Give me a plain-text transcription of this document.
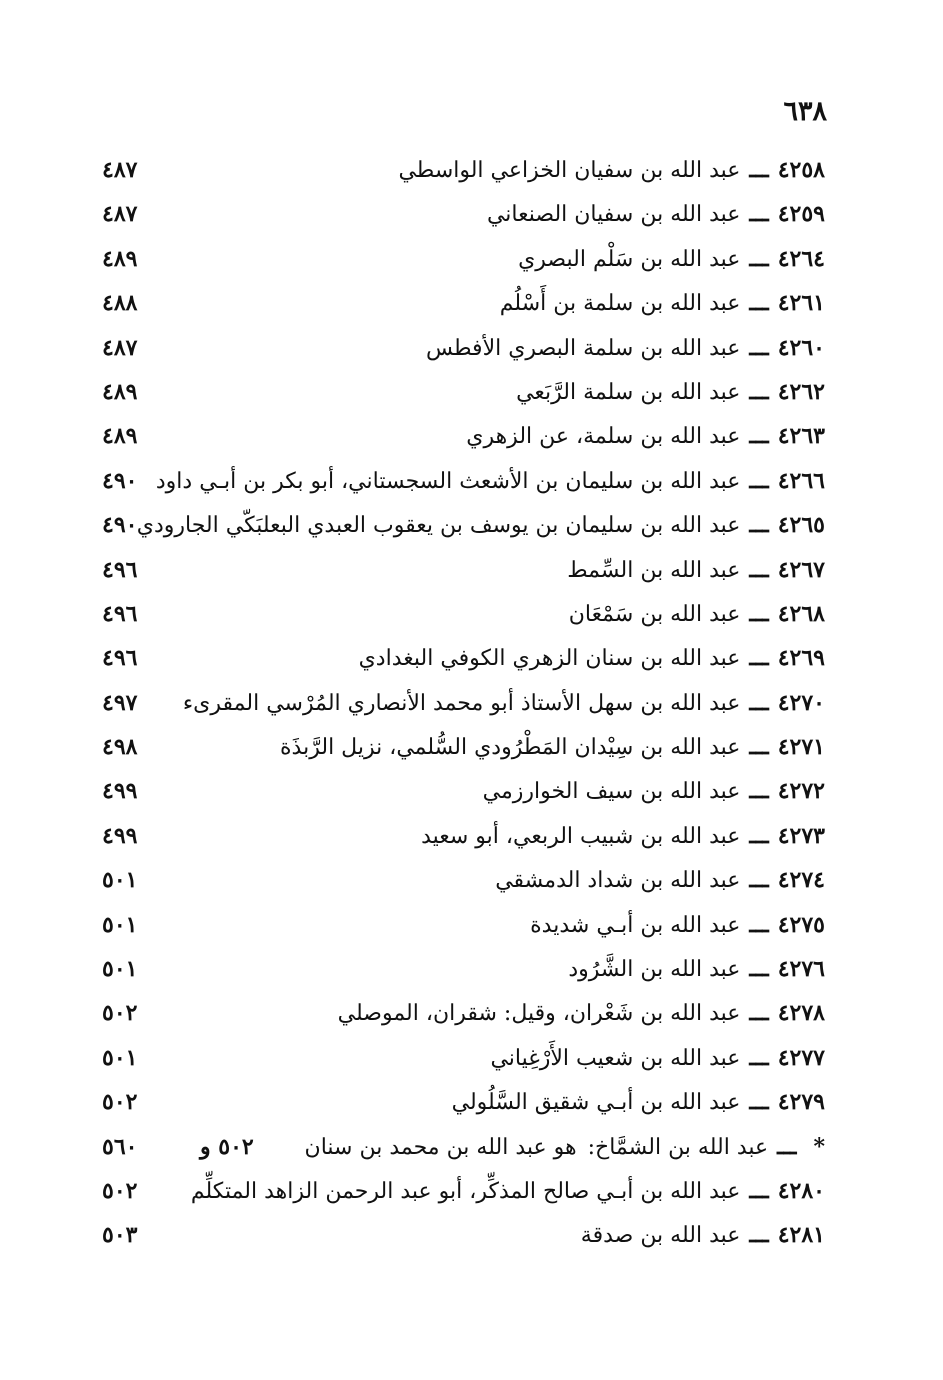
٦٣٨
٤٢٥٨ـــعبد الله بن سفيان الخزاعي الواسطي
٤٨٧
٤٢٥٩ـــعبد الله بن سفيان الصنعاني
٤٨٧
٤٢٦٤ـــعبد الله بن سَلْم البصري
٤٨٩
٤٢٦١ـــعبد الله بن سلمة بن أَسْلُم
٤٨٨
٤٢٦٠ـــعبد الله بن سلمة البصري الأفطس
٤٨٧
٤٢٦٢ـــعبد الله بن سلمة الرَّبَعي
٤٨٩
٤٢٦٣ـــعبد الله بن سلمة، عن الزهري
٤٨٩
٤٢٦٦ـــعبد الله بن سليمان بن الأشعث السجستاني، أبو بكر بن أبـي داود
٤٩٠
٤٢٦٥ـــعبد الله بن سليمان بن يوسف بن يعقوب العبدي البعلبَكّي الجارودي
٤٩٠
٤٢٦٧ـــعبد الله بن السِّمط
٤٩٦
٤٢٦٨ـــعبد الله بن سَمْعَان
٤٩٦
٤٢٦٩ـــعبد الله بن سنان الزهري الكوفي البغدادي
٤٩٦
٤٢٧٠ـــعبد الله بن سهل الأستاذ أبو محمد الأنصاري المُرْسي المقرىء
٤٩٧
٤٢٧١ـــعبد الله بن سِيْدان المَطْرُودي السُّلمي، نزيل الرَّبذَة
٤٩٨
٤٢٧٢ـــعبد الله بن سيف الخوارزمي
٤٩٩
٤٢٧٣ـــعبد الله بن شبيب الربعي، أبو سعيد
٤٩٩
٤٢٧٤ـــعبد الله بن شداد الدمشقي
٥٠١
٤٢٧٥ـــعبد الله بن أبـي شديدة
٥٠١
٤٢٧٦ـــعبد الله بن الشَّرُود
٥٠١
٤٢٧٨ـــعبد الله بن شَعْران، وقيل: شقران، الموصلي
٥٠٢
٤٢٧٧ـــعبد الله بن شعيب الأَرْغِياني
٥٠١
٤٢٧٩ـــعبد الله بن أبـي شقيق السَّلُولي
٥٠٢
*ـــعبد الله بن الشمَّاخ: هو عبد الله بن محمد بن سنان
٥٠٢ و
٥٦٠
٤٢٨٠ـــعبد الله بن أبـي صالح المذكِّر، أبو عبد الرحمن الزاهد المتكلِّم
٥٠٢
٤٢٨١ـــعبد الله بن صدقة
٥٠٣
